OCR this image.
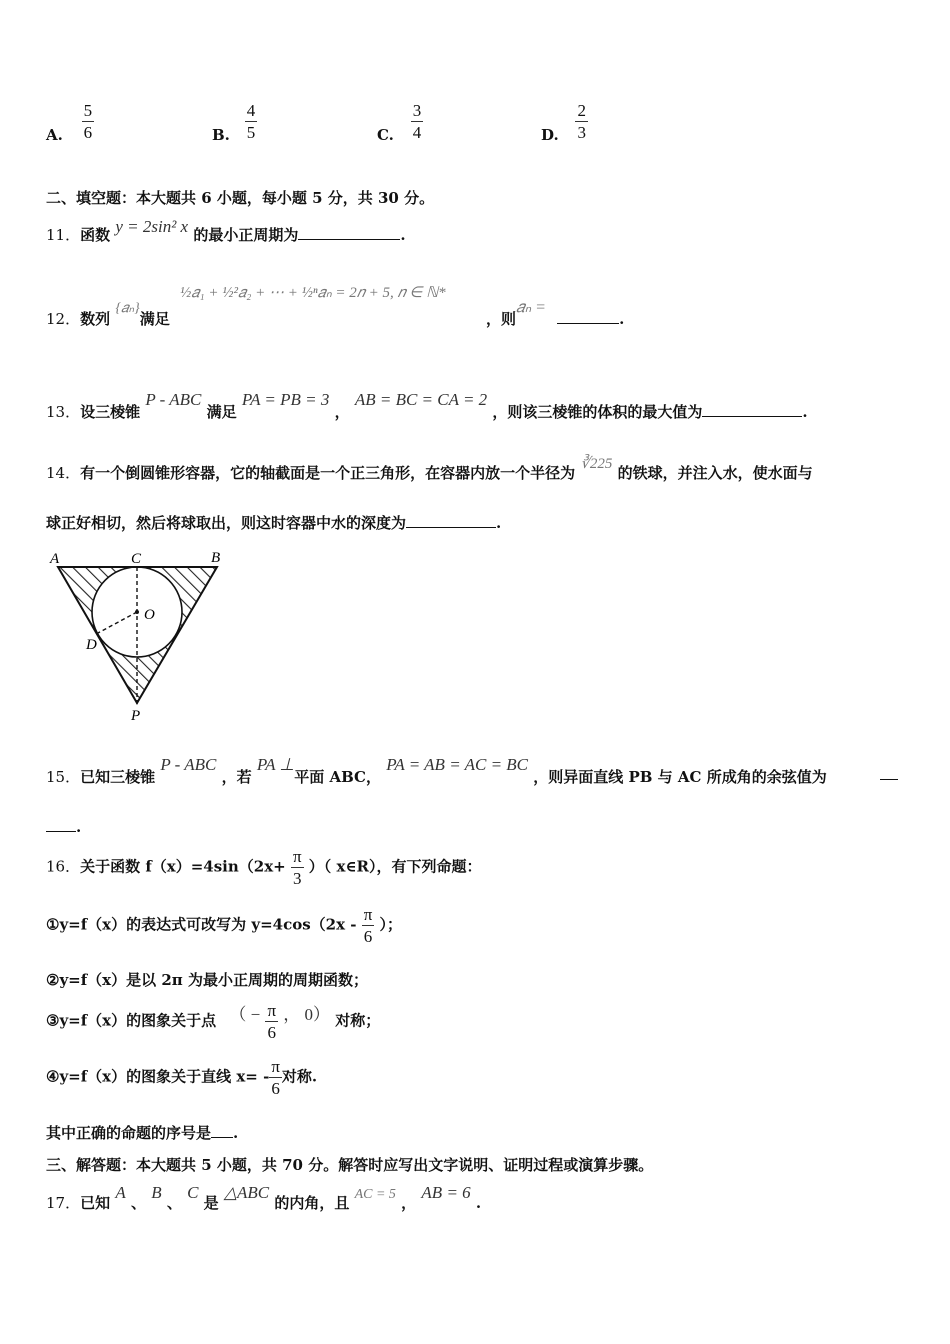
A. $\frac{5}{6}$	B. $\frac{4}{5}$	C. $\frac{3}{4}$	D. $\frac{2}{3}$
二、填空题：本大题共 6 小题，每小题 5 分，共 30 分。
11．函数 y = 2sin² x 的最小正周期为	.
12．数列 {𝑎ₙ}满足
½𝑎₁ + ½²𝑎₂ + ⋯ + ½ⁿ𝑎ₙ = 2𝑛 + 5, 𝑛 ∈ ℕ*
，则𝑎ₙ = .
13．设三棱锥 P - ABC 满足 PA = PB = 3 ， AB = BC = CA = 2 ，则该三棱锥的体积的最大值为	.
14．有一个倒圆锥形容器，它的轴截面是一个正三角形，在容器内放一个半径为 ∛225 的铁球，并注入水，使水面与
球正好相切，然后将球取出，则这时容器中水的深度为	.
A	C	B
O
D
P
15．已知三棱锥 P - ABC ，若 PA ⊥平面 ABC， PA = AB = AC = BC ，则异面直线 PB 与 AC 所成角的余弦值为
.
16．关于函数 $f(x)=4\sin(2x+ \frac{\pi}{3}$ ）（ x∈R），有下列命题：
①y=f（x）的表达式可改写为 $y=4\cos(2x - \frac{\pi}{6}$ ）；
②y=f（x）是以 2π 为最小正周期的周期函数；
③y=f（x）的图象关于点 （ − $\frac{\pi}{6}$ ， 0） 对称；
④y=f（x）的图象关于直线 $x= - \frac{\pi}{6}$ 对称.
其中正确的命题的序号是 .
三、解答题：本大题共 5 小题，共 70 分。解答时应写出文字说明、证明过程或演算步骤。
17．已知 A 、 B 、 C 是 △ABC 的内角，且 AC = 5 ， AB = 6 .
